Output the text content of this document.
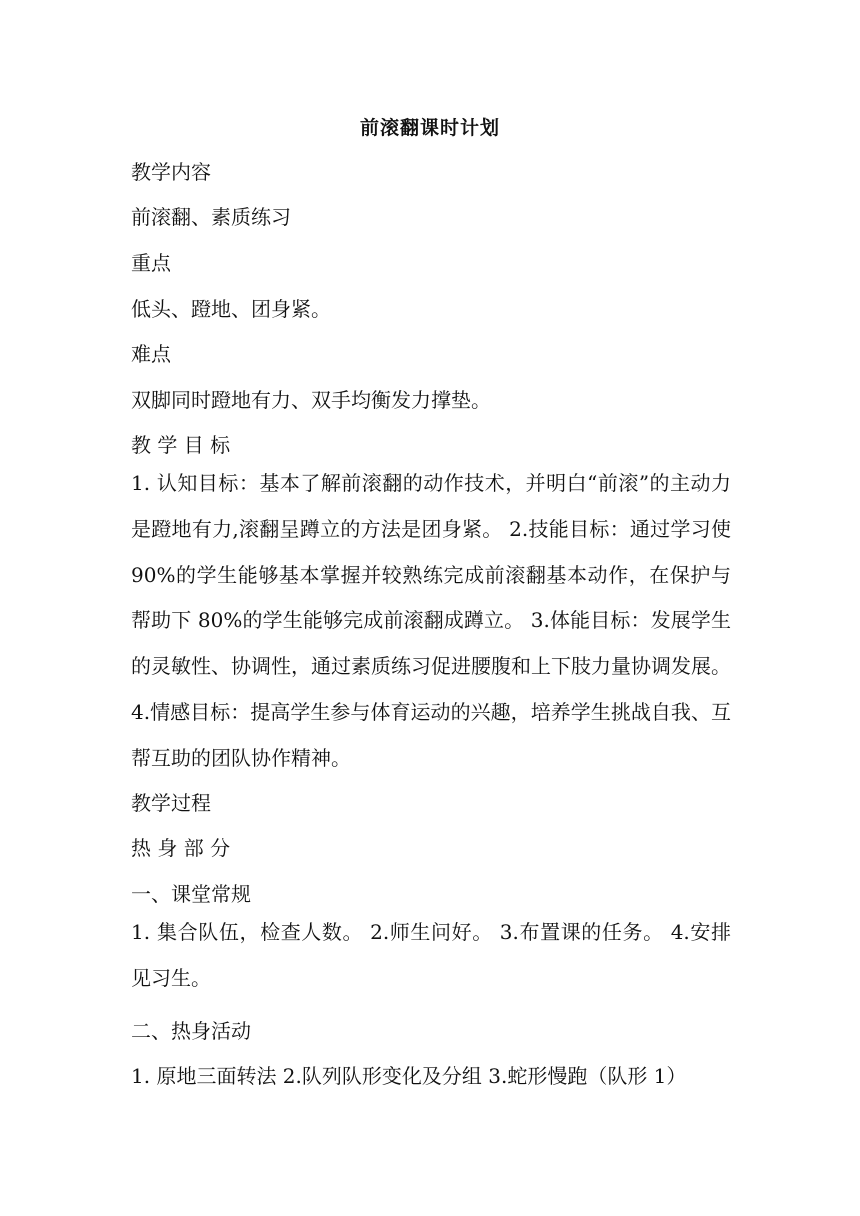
前滚翻课时计划
教学内容
前滚翻、素质练习
重点
低头、蹬地、团身紧。
难点
双脚同时蹬地有力、双手均衡发力撑垫。
教 学 目 标
1. 认知目标：基本了解前滚翻的动作技术，并明白“前滚”的主动力是蹬地有力,滚翻呈蹲立的方法是团身紧。 2.技能目标：通过学习使 90%的学生能够基本掌握并较熟练完成前滚翻基本动作，在保护与帮助下 80%的学生能够完成前滚翻成蹲立。 3.体能目标：发展学生的灵敏性、协调性，通过素质练习促进腰腹和上下肢力量协调发展。 4.情感目标：提高学生参与体育运动的兴趣，培养学生挑战自我、互帮互助的团队协作精神。
教学过程
热 身 部 分
一、课堂常规
1. 集合队伍，检查人数。 2.师生问好。 3.布置课的任务。 4.安排见习生。
二、热身活动
1. 原地三面转法 2.队列队形变化及分组 3.蛇形慢跑（队形 1）
